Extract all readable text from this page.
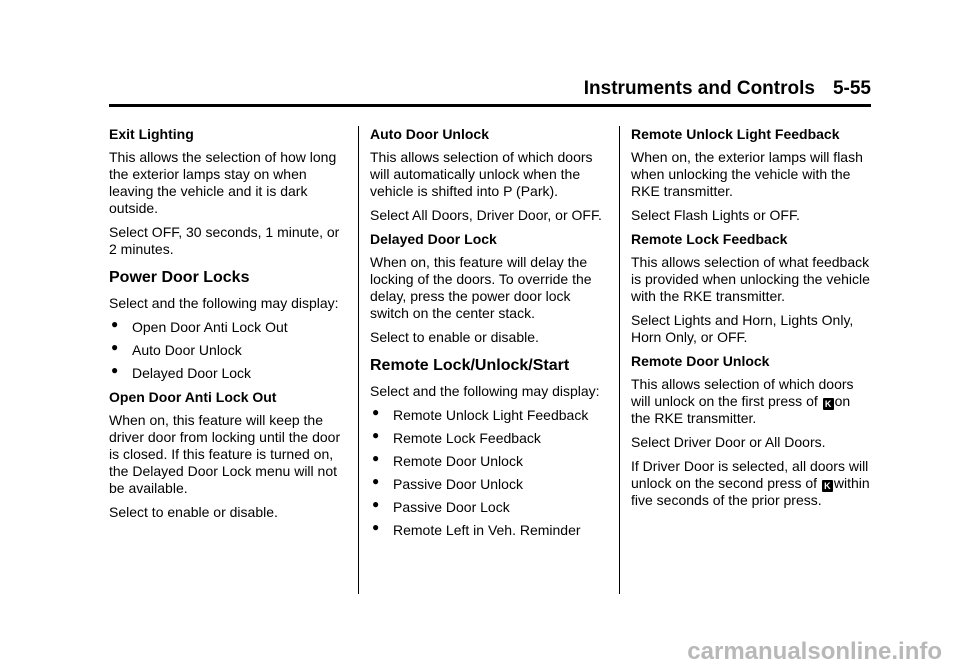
Instruments and Controls 5-55

Exit Lighting

This allows the selection of how long the exterior lamps stay on when leaving the vehicle and it is dark outside.

Select OFF, 30 seconds, 1 minute, or 2 minutes.

Power Door Locks

Select and the following may display:

● Open Door Anti Lock Out
● Auto Door Unlock
● Delayed Door Lock

Open Door Anti Lock Out

When on, this feature will keep the driver door from locking until the door is closed. If this feature is turned on, the Delayed Door Lock menu will not be available.

Select to enable or disable.

Auto Door Unlock

This allows selection of which doors will automatically unlock when the vehicle is shifted into P (Park).

Select All Doors, Driver Door, or OFF.

Delayed Door Lock

When on, this feature will delay the locking of the doors. To override the delay, press the power door lock switch on the center stack.

Select to enable or disable.

Remote Lock/Unlock/Start

Select and the following may display:

● Remote Unlock Light Feedback
● Remote Lock Feedback
● Remote Door Unlock
● Passive Door Unlock
● Passive Door Lock
● Remote Left in Veh. Reminder

Remote Unlock Light Feedback

When on, the exterior lamps will flash when unlocking the vehicle with the RKE transmitter.

Select Flash Lights or OFF.

Remote Lock Feedback

This allows selection of what feedback is provided when unlocking the vehicle with the RKE transmitter.

Select Lights and Horn, Lights Only, Horn Only, or OFF.

Remote Door Unlock

This allows selection of which doors will unlock on the first press of K on the RKE transmitter.

Select Driver Door or All Doors.

If Driver Door is selected, all doors will unlock on the second press of K within five seconds of the prior press.

carmanualsonline.info
